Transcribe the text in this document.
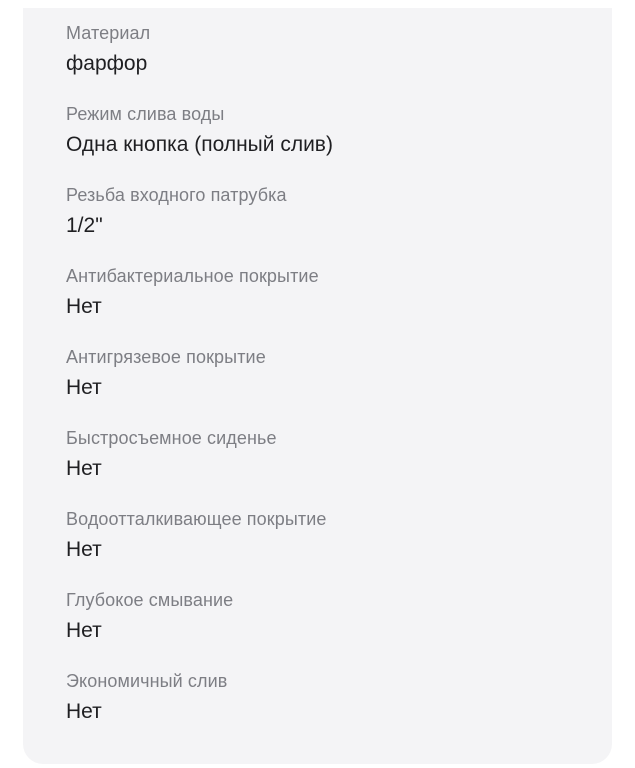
Материал
фарфор
Режим слива воды
Одна кнопка (полный слив)
Резьба входного патрубка
1/2"
Антибактериальное покрытие
Нет
Антигрязевое покрытие
Нет
Быстросъемное сиденье
Нет
Водоотталкивающее покрытие
Нет
Глубокое смывание
Нет
Экономичный слив
Нет
